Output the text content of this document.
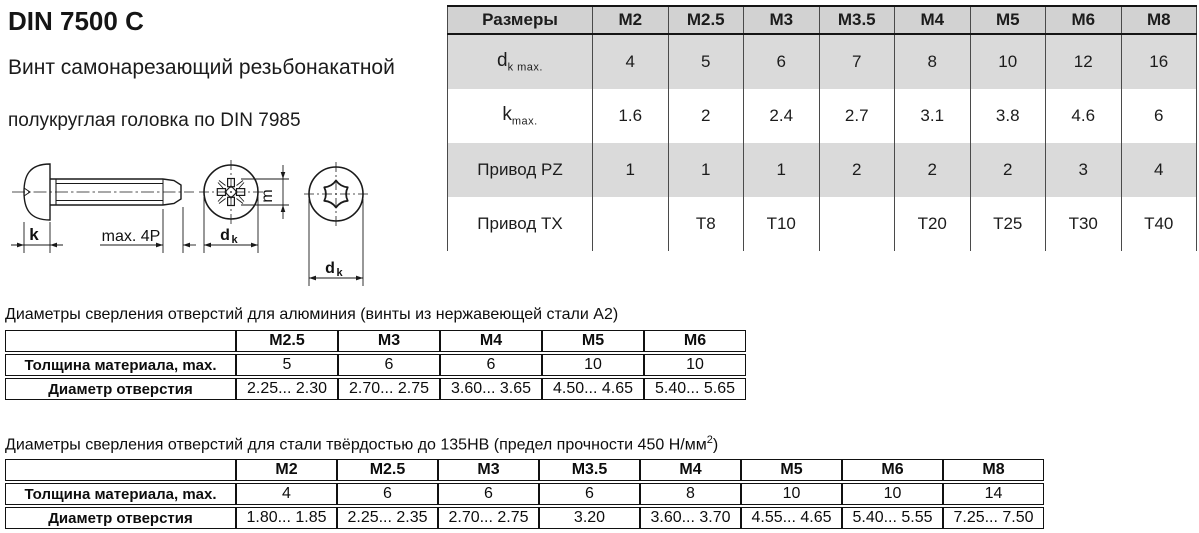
DIN 7500 C
Винт самонарезающий резьбонакатной
полукруглая головка по DIN 7985
k	max. 4P
m
d k
d k
Размеры	M2	M2.5	M3	M3.5	M4	M5	M6	M8
$d_{k max.}$	4	5	6	7	8	10	12	16
$k_{max.}$	1.6	2	2.4	2.7	3.1	3.8	4.6	6
Привод PZ	1	1	1	2	2	2	3	4
Привод TX		T8	T10		T20	T25	T30	T40
Диаметры сверления отверстий для алюминия (винты из нержавеющей стали А2)
	M2.5	M3	M4	M5	M6
Толщина материала, max.	5	6	6	10	10
Диаметр отверстия	2.25... 2.30	2.70... 2.75	3.60... 3.65	4.50... 4.65	5.40... 5.65
Диаметры сверления отверстий для стали твёрдостью до 135HB (предел прочности 450 $Н/мм^2$)
	M2	M2.5	M3	M3.5	M4	M5	M6	M8
Толщина материала, max.	4	6	6	6	8	10	10	14
Диаметр отверстия	1.80... 1.85	2.25... 2.35	2.70... 2.75	3.20	3.60... 3.70	4.55... 4.65	5.40... 5.55	7.25... 7.50
